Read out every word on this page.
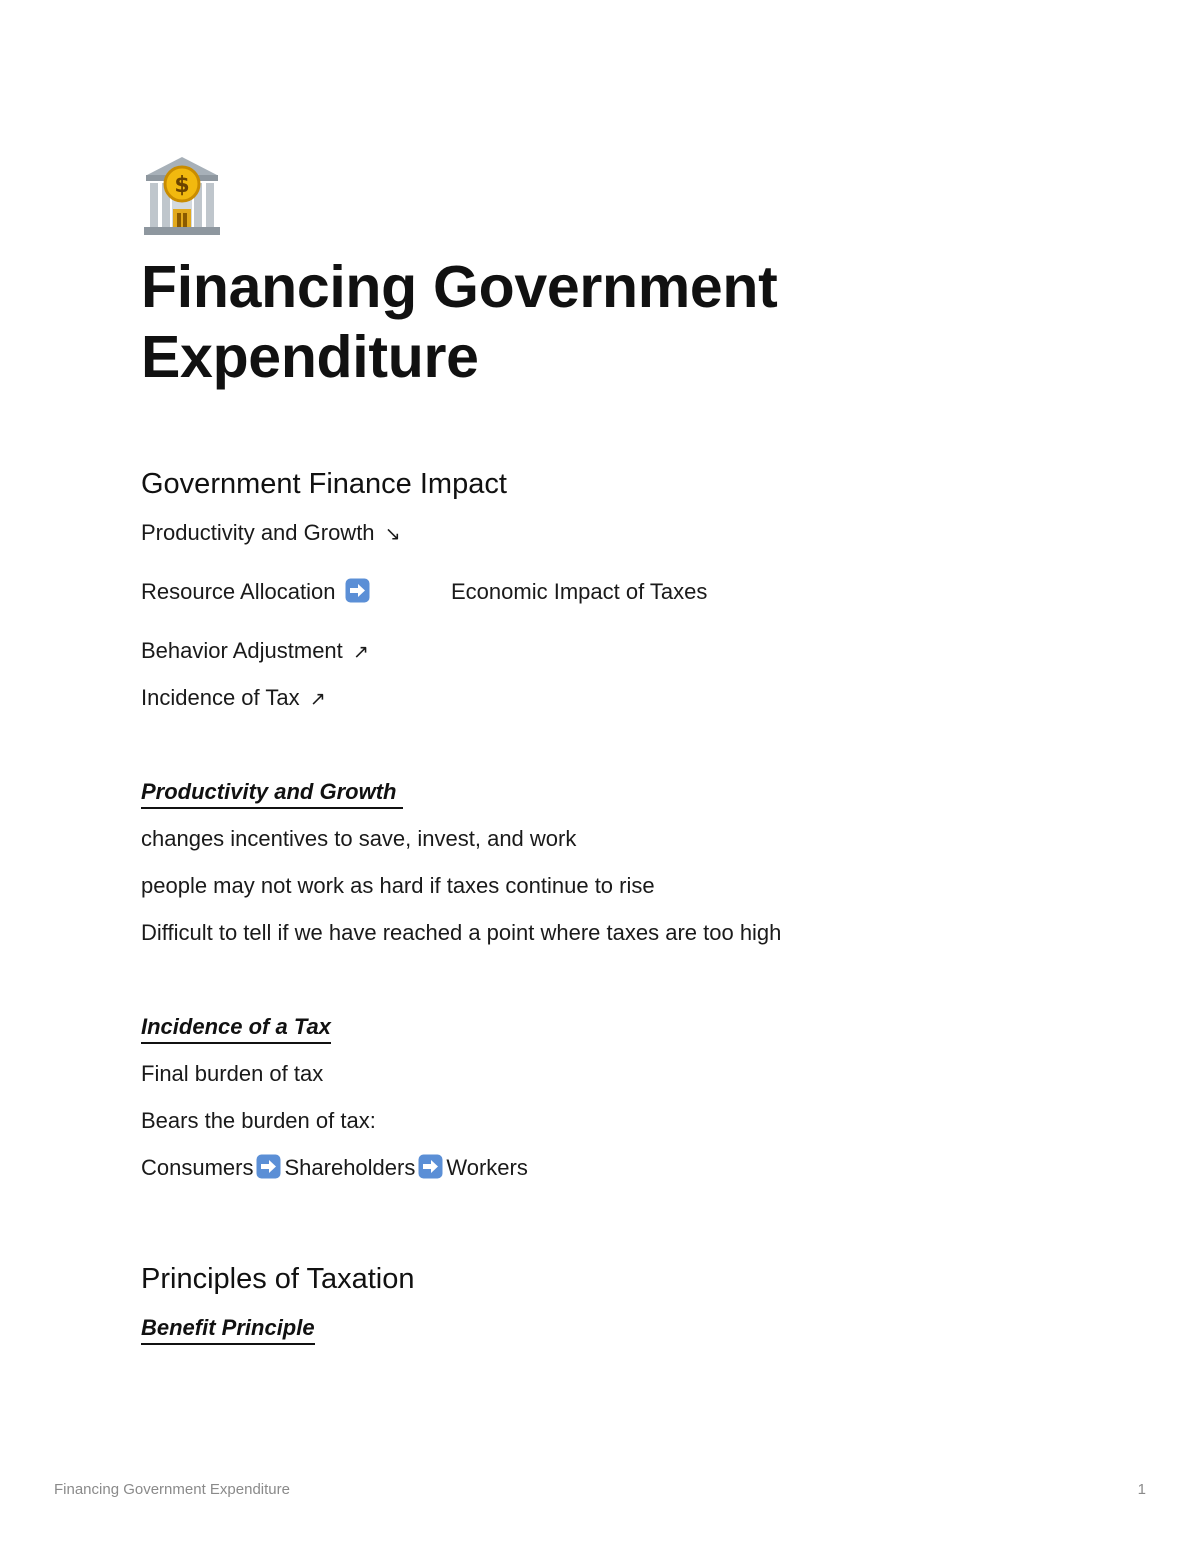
$
Financing Government Expenditure
Government Finance Impact

Productivity and Growth ↘

Resource Allocation	Economic Impact of Taxes

Behavior Adjustment ↗

Incidence of Tax ↗

Productivity and Growth

changes incentives to save, invest, and work

people may not work as hard if taxes continue to rise

Difficult to tell if we have reached a point where taxes are too high

Incidence of a Tax

Final burden of tax

Bears the burden of tax:

Consumers Shareholders Workers

Principles of Taxation

Benefit Principle

Financing Government Expenditure	1
